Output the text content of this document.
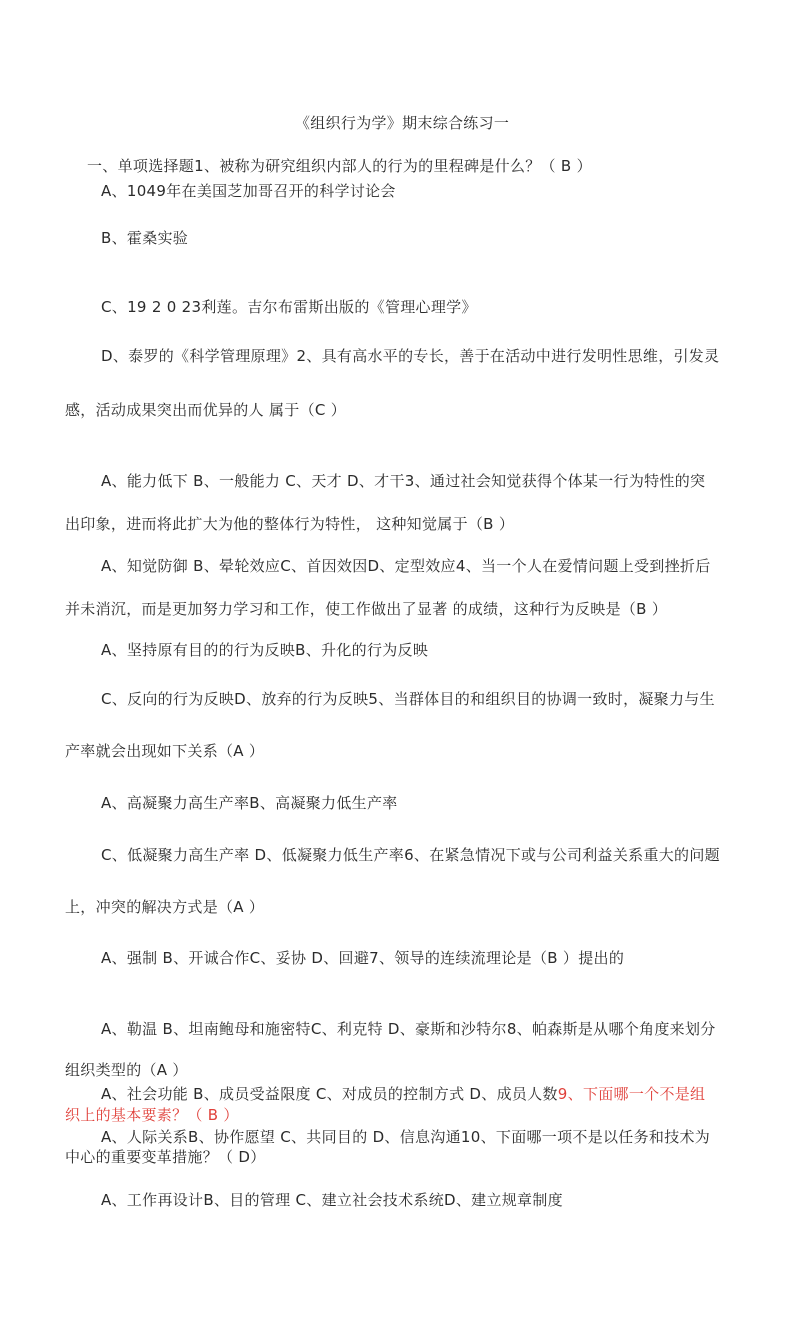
《组织行为学》期末综合练习一
一、单项选择题1、被称为研究组织内部人的行为的里程碑是什么？（ B ）
A、1049年在美国芝加哥召开的科学讨论会
B、霍桑实验
C、19 2 0 23利莲。吉尔布雷斯出版的《管理心理学》
D、泰罗的《科学管理原理》2、具有高水平的专长，善于在活动中进行发明性思维，引发灵
感，活动成果突出而优异的人 属于（C ）
A、能力低下 B、一般能力 C、天才 D、才干3、通过社会知觉获得个体某一行为特性的突
出印象，进而将此扩大为他的整体行为特性， 这种知觉属于（B ）
A、知觉防御 B、晕轮效应C、首因效因D、定型效应4、当一个人在爱情问题上受到挫折后
并未消沉，而是更加努力学习和工作，使工作做出了显著 的成绩，这种行为反映是（B ）
A、坚持原有目的的行为反映B、升化的行为反映
C、反向的行为反映D、放弃的行为反映5、当群体目的和组织目的协调一致时，凝聚力与生
产率就会出现如下关系（A ）
A、高凝聚力高生产率B、高凝聚力低生产率
C、低凝聚力高生产率 D、低凝聚力低生产率6、在紧急情况下或与公司利益关系重大的问题
上，冲突的解决方式是（A ）
A、强制 B、开诚合作C、妥协 D、回避7、领导的连续流理论是（B ）提出的
A、勒温 B、坦南鲍母和施密特C、利克特 D、豪斯和沙特尔8、帕森斯是从哪个角度来划分
组织类型的（A ）
A、社会功能 B、成员受益限度 C、对成员的控制方式 D、成员人数9、下面哪一个不是组
织上的基本要素？（ B ）
A、人际关系B、协作愿望 C、共同目的 D、信息沟通10、下面哪一项不是以任务和技术为
中心的重要变革措施？（ D）
A、工作再设计B、目的管理 C、建立社会技术系统D、建立规章制度
